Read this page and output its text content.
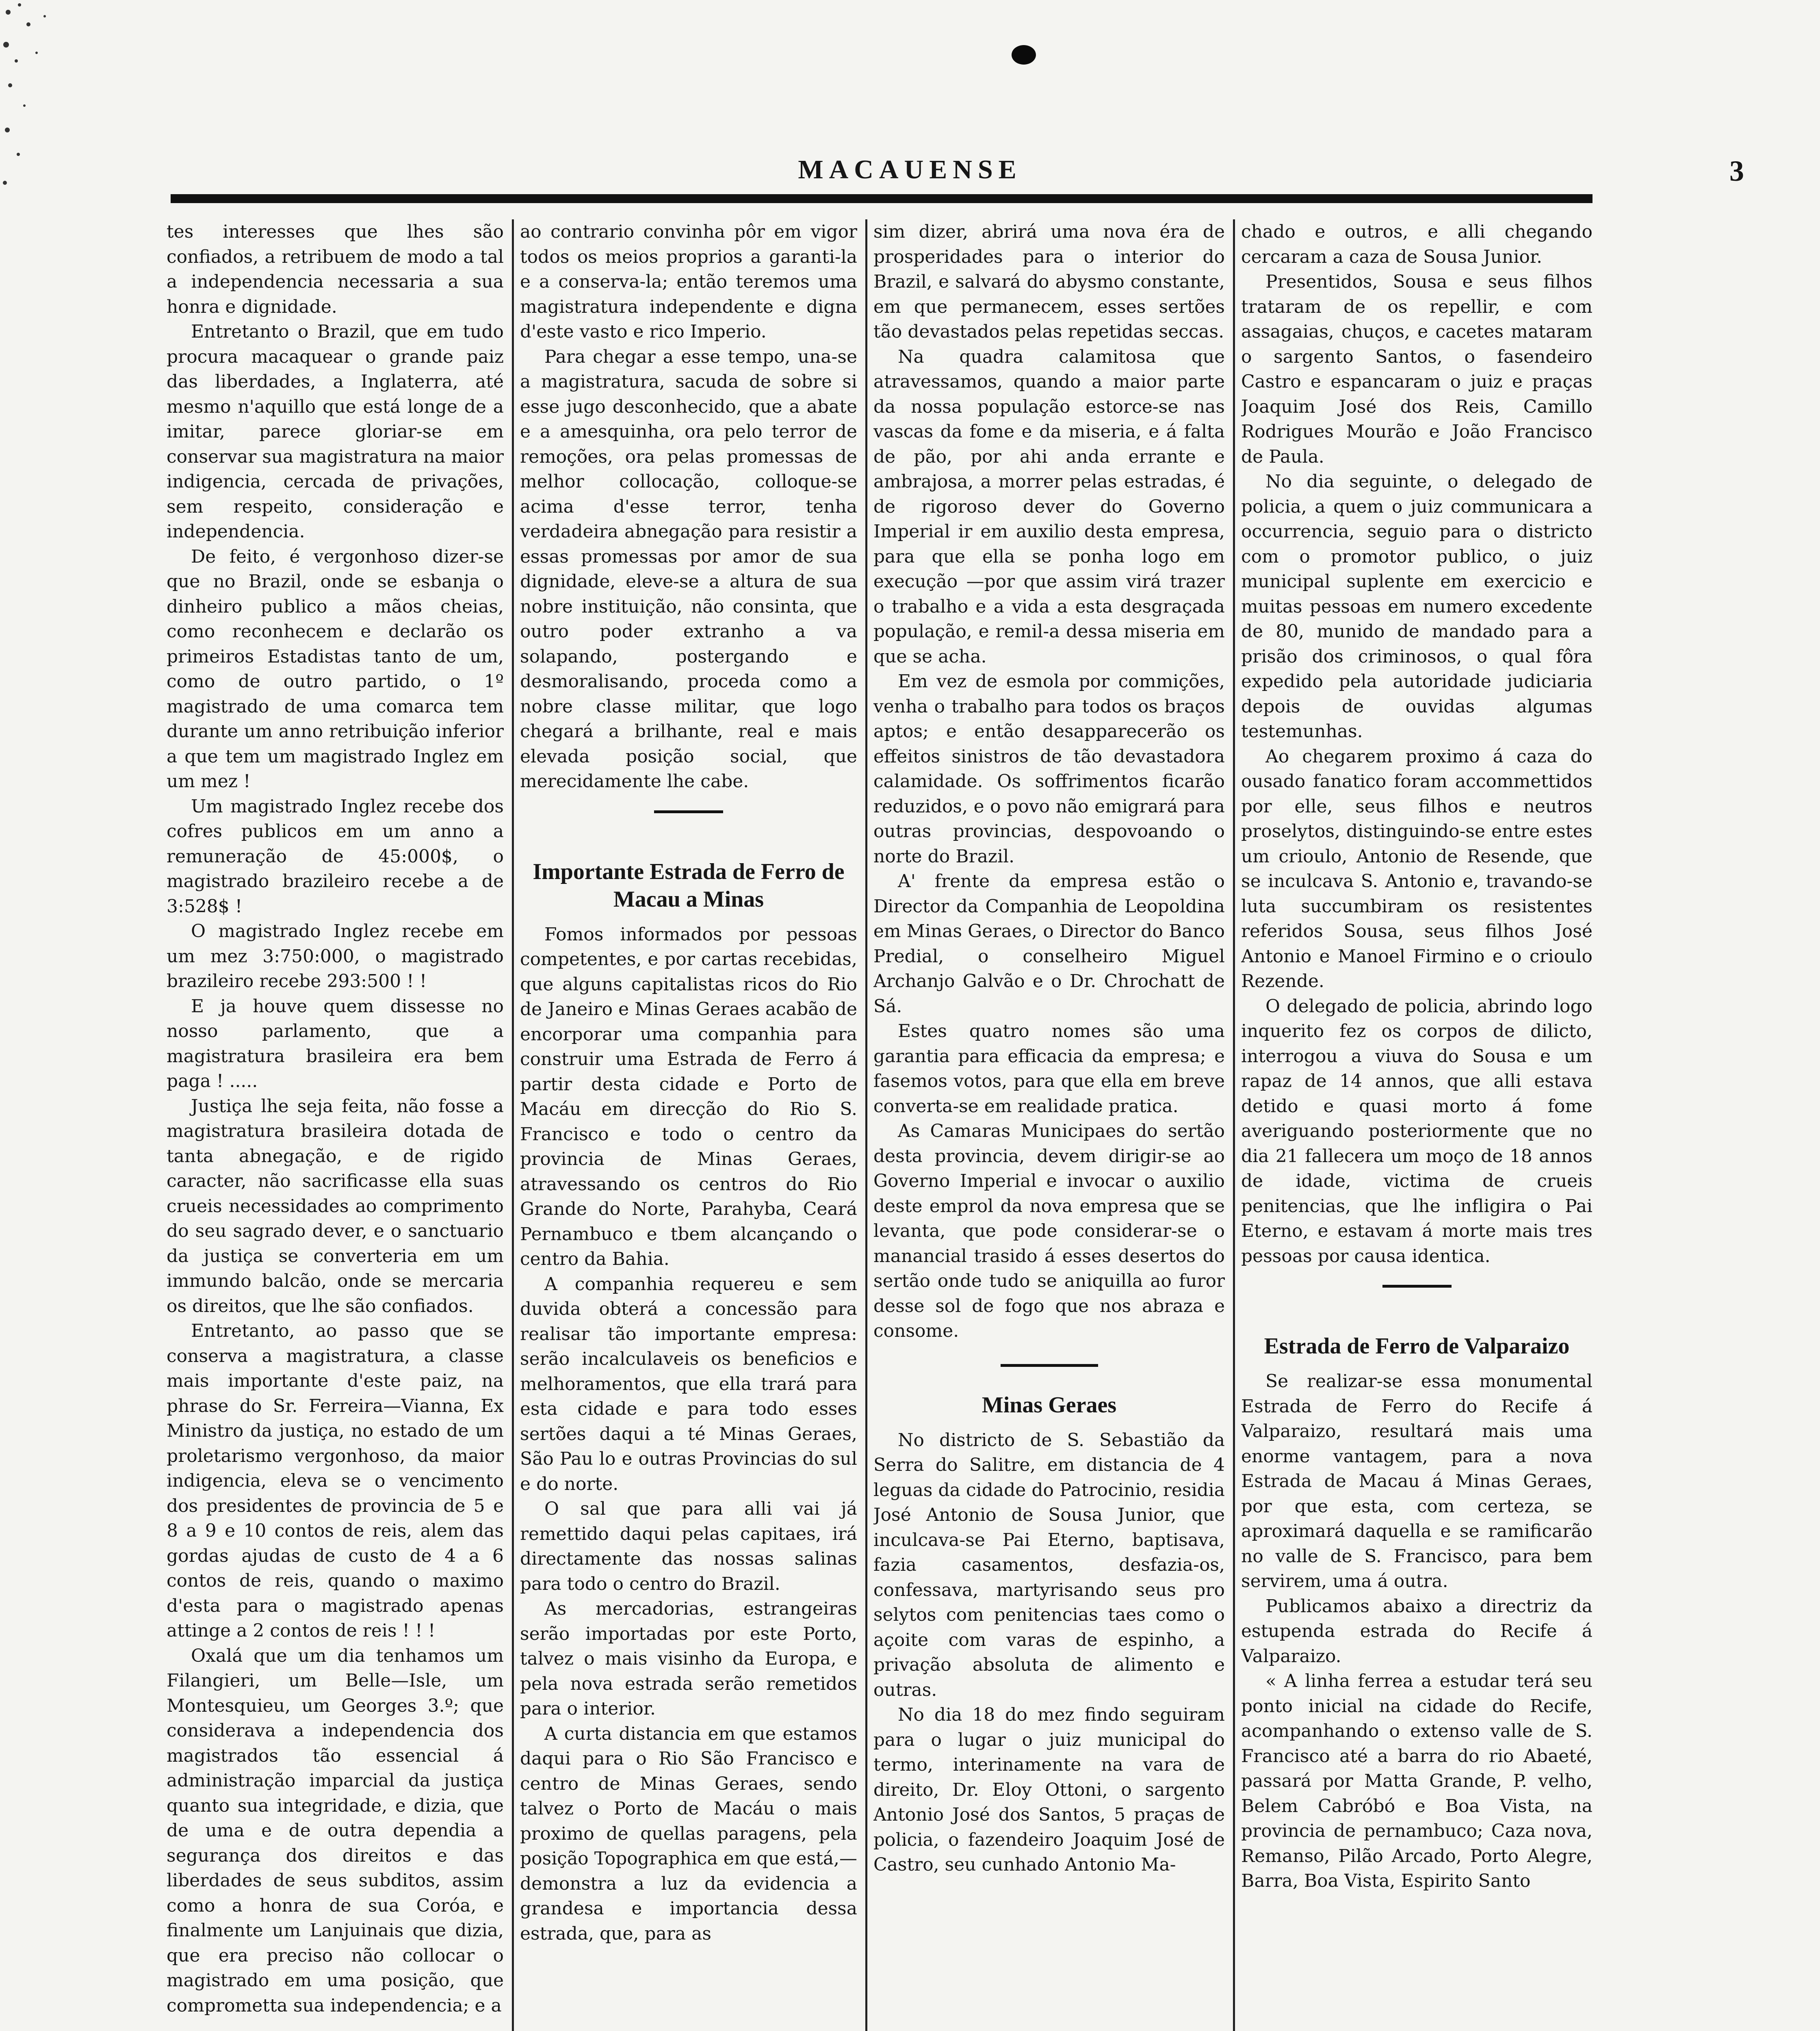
MACAUENSE	3

tes interesses que lhes são confiados, a retribuem de modo a tal a independencia necessaria a sua honra e dignidade.

Entretanto o Brazil, que em tudo procura macaquear o grande paiz das liberdades, a Inglaterra, até mesmo n'aquillo que está longe de a imitar, parece gloriar-se em conservar sua magistratura na maior indigencia, cercada de privações, sem respeito, consideração e independencia.

De feito, é vergonhoso dizer-se que no Brazil, onde se esbanja o dinheiro publico a mãos cheias, como reconhecem e declarão os primeiros Estadistas tanto de um, como de outro partido, o 1º magistrado de uma comarca tem durante um anno retribuição inferior a que tem um magistrado Inglez em um mez !

Um magistrado Inglez recebe dos cofres publicos em um anno a remuneração de 45:000$, o magistrado brazileiro recebe a de 3:528$ !

O magistrado Inglez recebe em um mez 3:750:000, o magistrado brazileiro recebe 293:500 ! !

E ja houve quem dissesse no nosso parlamento, que a magistratura brasileira era bem paga ! .....

Justiça lhe seja feita, não fosse a magistratura brasileira dotada de tanta abnegação, e de rigido caracter, não sacrificasse ella suas crueis necessidades ao comprimento do seu sagrado dever, e o sanctuario da justiça se converteria em um immundo balcão, onde se mercaria os direitos, que lhe são confiados.

Entretanto, ao passo que se conserva a magistratura, a classe mais importante d'este paiz, na phrase do Sr. Ferreira—Vianna, Ex Ministro da justiça, no estado de um proletarismo vergonhoso, da maior indigencia, eleva se o vencimento dos presidentes de provincia de 5 e 8 a 9 e 10 contos de reis, alem das gordas ajudas de custo de 4 a 6 contos de reis, quando o maximo d'esta para o magistrado apenas attinge a 2 contos de reis ! ! !

Oxalá que um dia tenhamos um Filangieri, um Belle—Isle, um Montesquieu, um Georges 3.º; que considerava a independencia dos magistrados tão essencial á administração imparcial da justiça quanto sua integridade, e dizia, que de uma e de outra dependia a segurança dos direitos e das liberdades de seus subditos, assim como a honra de sua Coróa, e finalmente um Lanjuinais que dizia, que era preciso não collocar o magistrado em uma posição, que compromettа sua independencia; e a

ao contrario convinha pôr em vigor todos os meios proprios a garanti-la e a conserva-la; então teremos uma magistratura independente e digna d'este vasto e rico Imperio.

Para chegar a esse tempo, una-se a magistratura, sacuda de sobre si esse jugo desconhecido, que a abate e a amesquinha, ora pelo terror de remoções, ora pelas promessas de melhor collocação, colloque-se acima d'esse terror, tenha verdadeira abnegação para resistir a essas promessas por amor de sua dignidade, eleve-se a altura de sua nobre instituição, não consinta, que outro poder extranho a va solapando, postergando e desmoralisando, proceda como a nobre classe militar, que logo chegará a brilhante, real e mais elevada posição social, que merecidamente lhe cabe.

Importante Estrada de Ferro de Macau a Minas

Fomos informados por pessoas competentes, e por cartas recebidas, que alguns capitalistas ricos do Rio de Janeiro e Minas Geraes acabão de encorporar uma companhia para construir uma Estrada de Ferro á partir desta cidade e Porto de Macáu em direcção do Rio S. Francisco e todo o centro da provincia de Minas Geraes, atravessando os centros do Rio Grande do Norte, Parahyba, Ceará Pernambuco e tbem alcançando o centro da Bahia.

A companhia requereu e sem duvida obterá a concessão para realisar tão importante empresa: serão incalculaveis os beneficios e melhoramentos, que ella trará para esta cidade e para todo esses sertões daqui a té Minas Geraes, São Pau lo e outras Provincias do sul e do norte.

O sal que para alli vai já remettido daqui pelas capitaes, irá directamente das nossas salinas para todo o centro do Brazil.

As mercadorias, estrangeiras serão importadas por este Porto, talvez o mais visinho da Europa, e pela nova estrada serão remetidos para o interior.

A curta distancia em que estamos daqui para o Rio São Francisco e centro de Minas Geraes, sendo talvez o Porto de Macáu o mais proximo de quellas paragens, pela posição Topographica em que está,— demonstra a luz da evidencia a grandesa e importancia dessa estrada, que, para as

sim dizer, abrirá uma nova éra de prosperidades para o interior do Brazil, e salvará do abysmo constante, em que permanecem, esses sertões tão devastados pelas repetidas seccas.

Na quadra calamitosa que atravessamos, quando a maior parte da nossa população estorce-se nas vascas da fome e da miseria, e á falta de pão, por ahi anda errante e ambrajosa, a morrer pelas estradas, é de rigoroso dever do Governo Imperial ir em auxilio desta empresa, para que ella se ponha logo em execução —por que assim virá trazer o trabalho e a vida a esta desgraçada população, e remil-a dessa miseria em que se acha.

Em vez de esmola por commições, venha o trabalho para todos os braços aptos; e então desapparecerão os effeitos sinistros de tão devastadora calamidade. Os soffrimentos ficarão reduzidos, e o povo não emigrará para outras provincias, despovoando o norte do Brazil.

A' frente da empresa estão o Director da Companhia de Leopoldina em Minas Geraes, o Director do Banco Predial, o conselheiro Miguel Archanjo Galvão e o Dr. Chrochatt de Sá.

Estes quatro nomes são uma garantia para efficacia da empresa; e fasemos votos, para que ella em breve converta-se em realidade pratica.

As Camaras Municipaes do sertão desta provincia, devem dirigir-se ao Governo Imperial e invocar o auxilio deste emprol da nova empresa que se levanta, que pode considerar-se o manancial trasido á esses desertos do sertão onde tudo se aniquilla ao furor desse sol de fogo que nos abraza e consome.

Minas Geraes

No districto de S. Sebastião da Serra do Salitre, em distancia de 4 leguas da cidade do Patrocinio, residia José Antonio de Sousa Junior, que inculcava-se Pai Eterno, baptisava, fazia casamentos, desfazia-os, confessava, martyrisando seus pro selytos com penitencias taes como o açoite com varas de espinho, a privação absoluta de alimento e outras.

No dia 18 do mez findo seguiram para o lugar o juiz municipal do termo, interinamente na vara de direito, Dr. Eloy Ottoni, o sargento Antonio José dos Santos, 5 praças de policia, o fazendeiro Joaquim José de Castro, seu cunhado Antonio Ma-

chado e outros, e alli chegando cercaram a caza de Sousa Junior.

Presentidos, Sousa e seus filhos trataram de os repellir, e com assagaias, chuços, e cacetes mataram o sargento Santos, o fasendeiro Castro e espancaram o juiz e praças Joaquim José dos Reis, Camillo Rodrigues Mourão e João Francisco de Paula.

No dia seguinte, o delegado de policia, a quem o juiz communicara a occurrencia, seguio para o districto com o promotor publico, o juiz municipal suplente em exercicio e muitas pessoas em numero excedente de 80, munido de mandado para a prisão dos criminosos, o qual fôra expedido pela autoridade judiciaria depois de ouvidas algumas testemunhas.

Ao chegarem proximo á caza do ousado fanatico foram accommettidos por elle, seus filhos e neutros proselytos, distinguindo-se entre estes um crioulo, Antonio de Resende, que se inculcava S. Antonio e, travando-se luta succumbiram os resistentes referidos Sousa, seus filhos José Antonio e Manoel Firmino e o crioulo Rezende.

O delegado de policia, abrindo logo inquerito fez os corpos de dilicto, interrogou a viuva do Sousa e um rapaz de 14 annos, que alli estava detido e quasi morto á fome averiguando posteriormente que no dia 21 fallecera um moço de 18 annos de idade, victima de crueis penitencias, que lhe infligira o Pai Eterno, e estavam á morte mais tres pessoas por causa identica.

Estrada de Ferro de Valparaizo

Se realizar-se essa monumental Estrada de Ferro do Recife á Valparaizo, resultará mais uma enorme vantagem, para a nova Estrada de Macau á Minas Geraes, por que esta, com certeza, se aproximará daquella e se ramificarão no valle de S. Francisco, para bem servirem, uma á outra.

Publicamos abaixo a directriz da estupenda estrada do Recife á Valparaizo.

« A linha ferrea a estudar terá seu ponto inicial na cidade do Recife, acompanhando o extenso valle de S. Francisco até a barra do rio Abaeté, passará por Matta Grande, P. velho, Belem Cabróbó e Boa Vista, na provincia de pernambuco; Caza nova, Remanso, Pilão Arcado, Porto Alegre, Barra, Boa Vista, Espirito Santo
